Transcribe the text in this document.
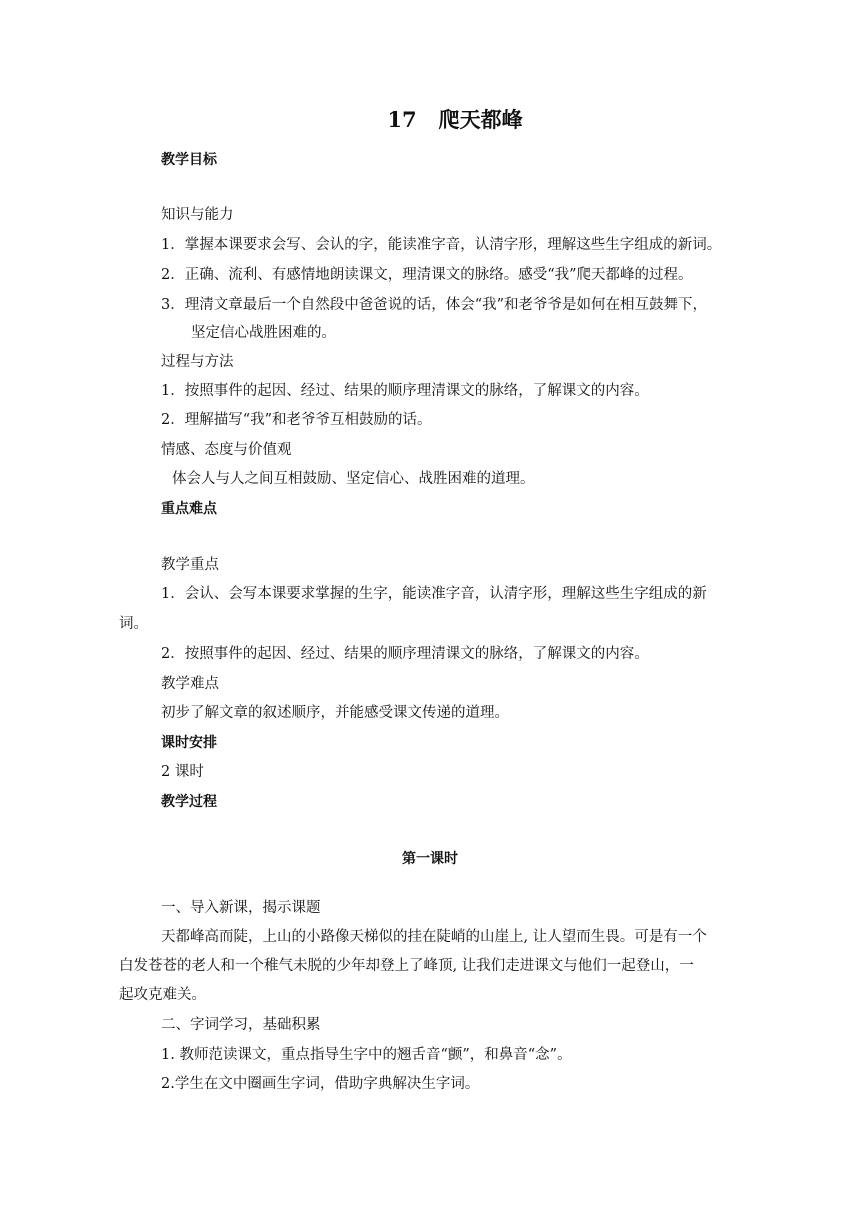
17 爬天都峰
教学目标
知识与能力
1．掌握本课要求会写、会认的字，能读准字音，认清字形，理解这些生字组成的新词。
2．正确、流利、有感情地朗读课文，理清课文的脉络。感受“我”爬天都峰的过程。
3．理清文章最后一个自然段中爸爸说的话，体会“我”和老爷爷是如何在相互鼓舞下，
坚定信心战胜困难的。
过程与方法
1．按照事件的起因、经过、结果的顺序理清课文的脉络，了解课文的内容。
2．理解描写“我”和老爷爷互相鼓励的话。
情感、态度与价值观
体会人与人之间互相鼓励、坚定信心、战胜困难的道理。
重点难点
教学重点
1．会认、会写本课要求掌握的生字，能读准字音，认清字形，理解这些生字组成的新
词。
2．按照事件的起因、经过、结果的顺序理清课文的脉络，了解课文的内容。
教学难点
初步了解文章的叙述顺序，并能感受课文传递的道理。
课时安排
2 课时
教学过程
第一课时
一、导入新课，揭示课题
天都峰高而陡，上山的小路像天梯似的挂在陡峭的山崖上, 让人望而生畏。可是有一个
白发苍苍的老人和一个稚气未脱的少年却登上了峰顶, 让我们走进课文与他们一起登山，一
起攻克难关。
二、字词学习，基础积累
1. 教师范读课文，重点指导生字中的翘舌音“颤”，和鼻音“念”。
2.学生在文中圈画生字词，借助字典解决生字词。
